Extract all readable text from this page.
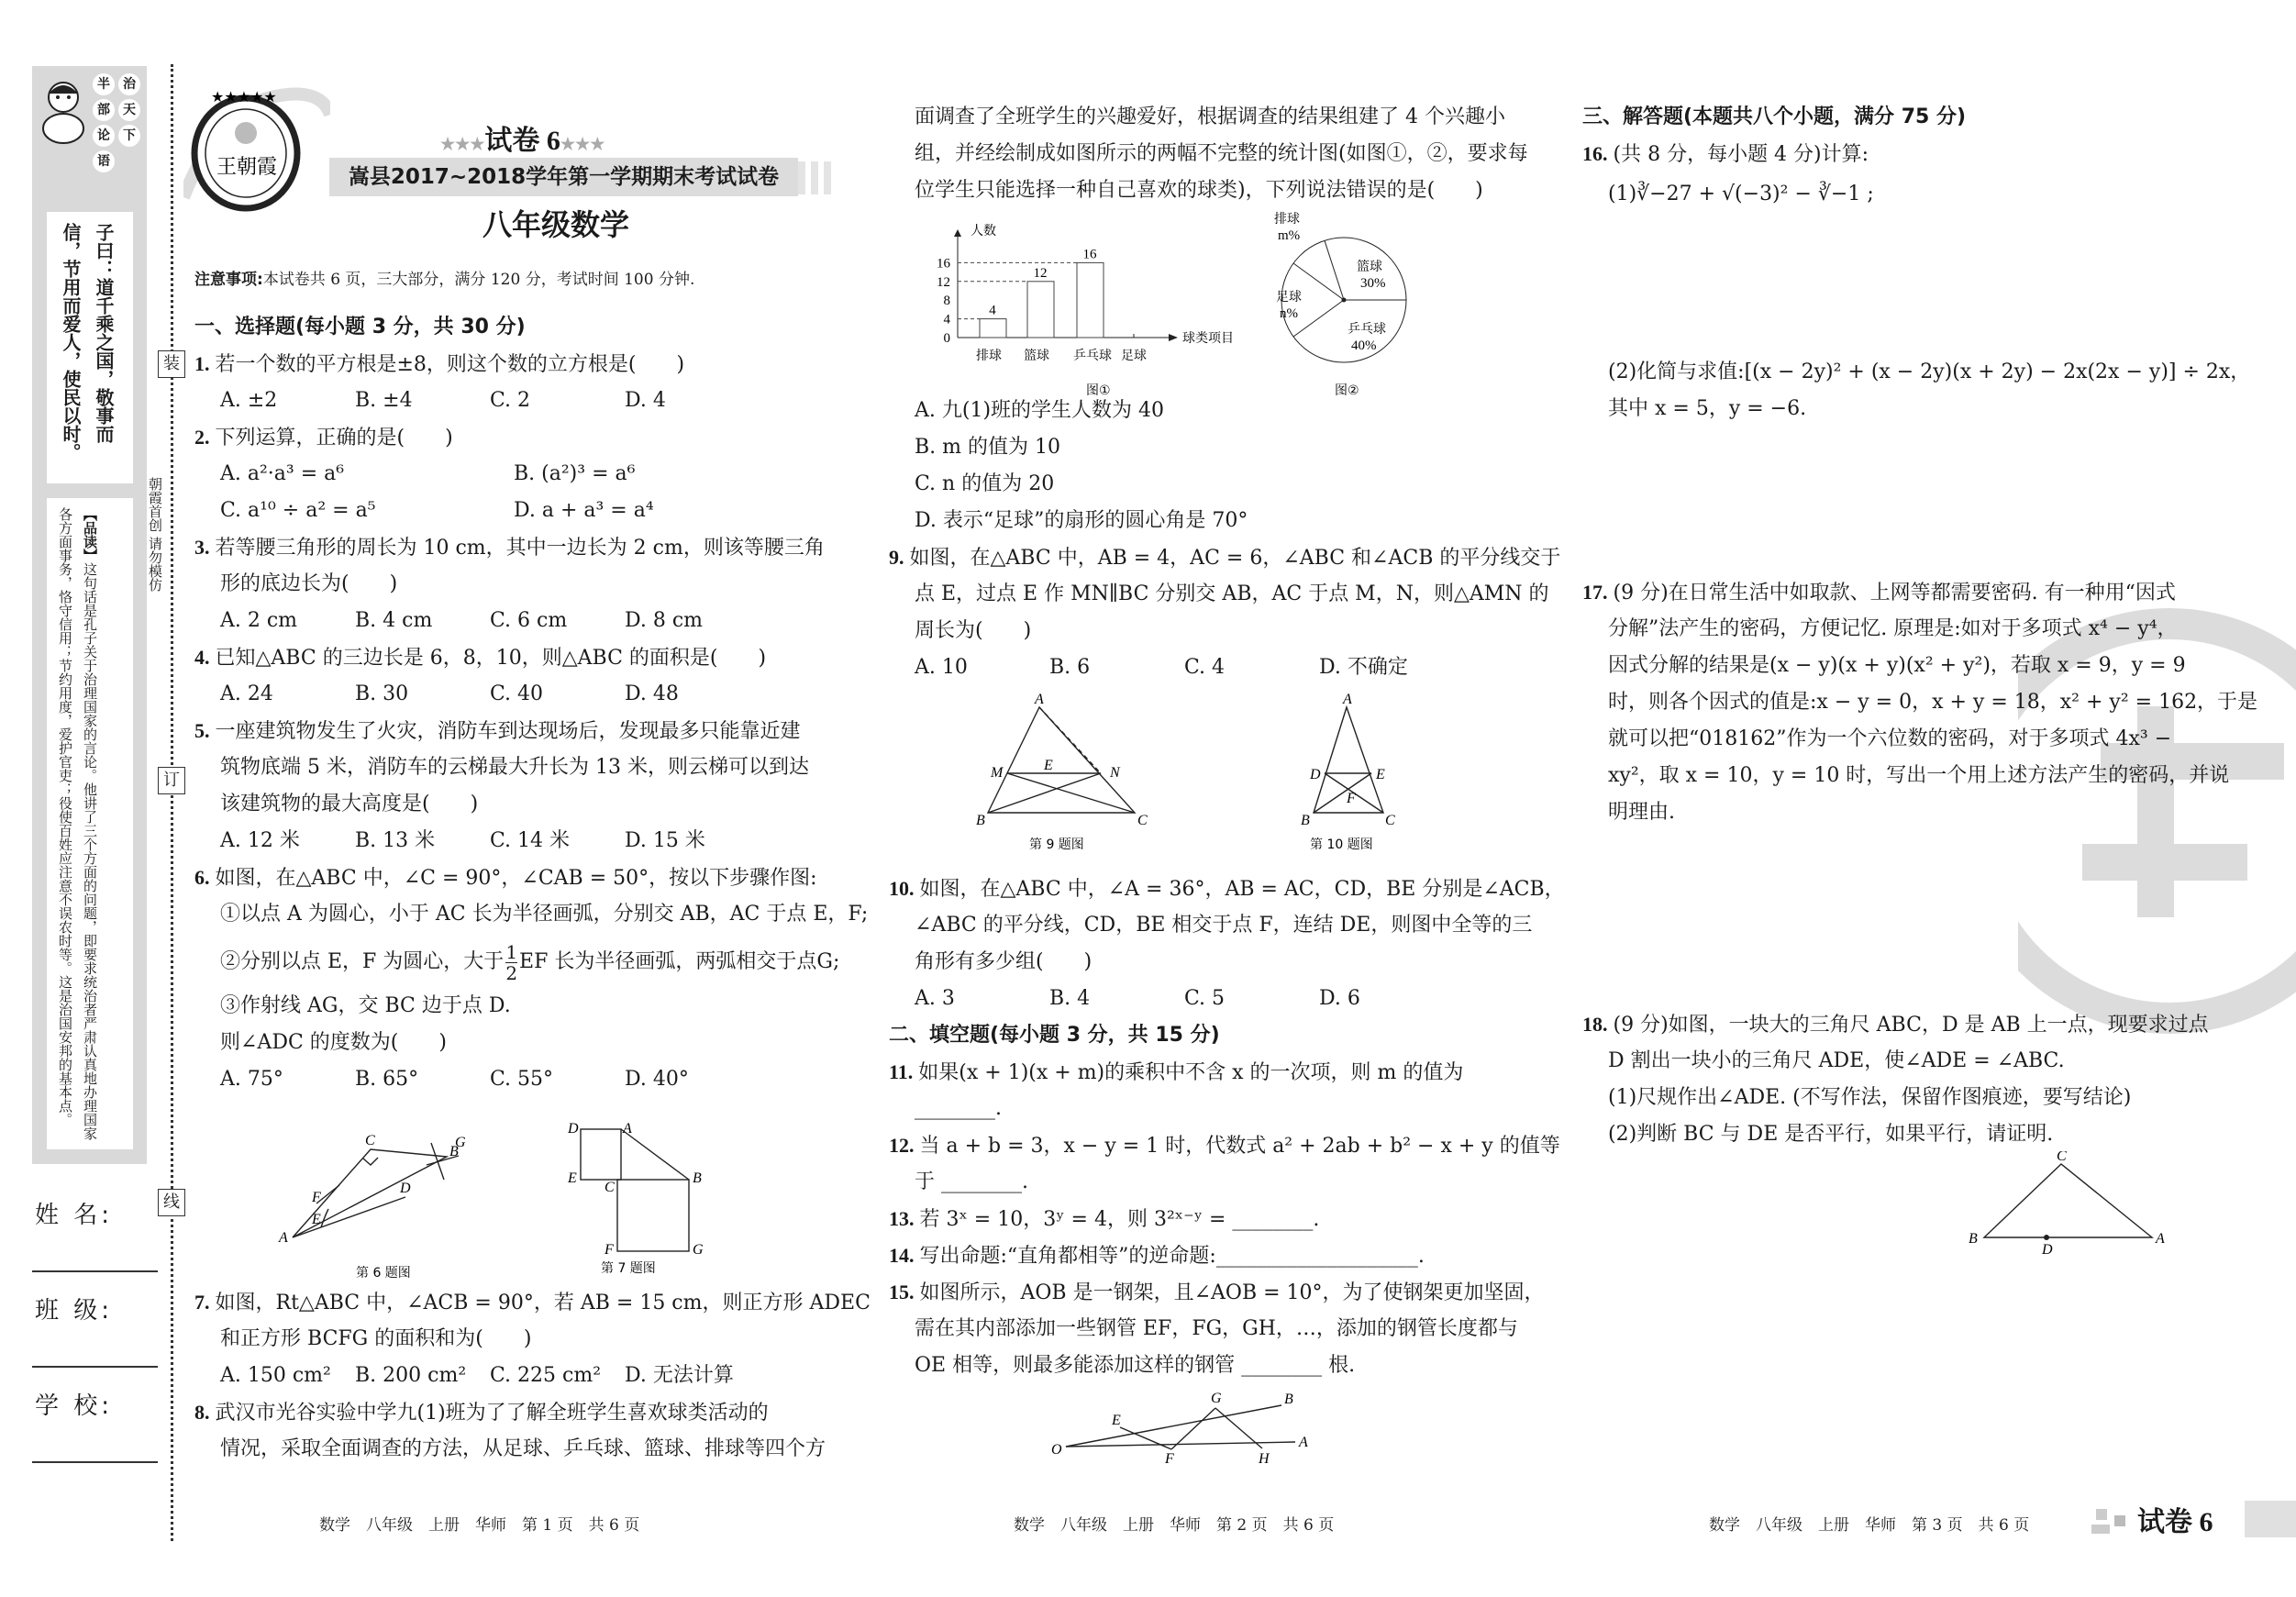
半	治
部	天
论	下
语
子曰：道千乘之国，敬事而信，节用而爱人，使民以时。
【品读】这句话是孔子关于治理国家的言论。他讲了三个方面的问题，即要求统治者严肃认真地办理国家各方面事务，恪守信用；节约用度，爱护官吏；役使百姓应注意不误农时等。这是治国安邦的基本点。
姓 名:
班 级:
学 校:
装
订
线
朝霞首创 请勿模仿
王朝霞
★★★★★
★★★试卷 6★★★
嵩县2017~2018学年第一学期期末考试试卷
八年级数学
注意事项:本试卷共 6 页，三大部分，满分 120 分，考试时间 100 分钟.
一、选择题(每小题 3 分，共 30 分)
1. 若一个数的平方根是±8，则这个数的立方根是(　　)
A. ±2	B. ±4	C. 2	D. 4
2. 下列运算，正确的是(　　)
A. a²·a³ = a⁶	B. (a²)³ = a⁶
C. a¹⁰ ÷ a² = a⁵	D. a + a³ = a⁴
3. 若等腰三角形的周长为 10 cm，其中一边长为 2 cm，则该等腰三角
形的底边长为(　　)
A. 2 cm	B. 4 cm	C. 6 cm	D. 8 cm
4. 已知△ABC 的三边长是 6，8，10，则△ABC 的面积是(　　)
A. 24	B. 30	C. 40	D. 48
5. 一座建筑物发生了火灾，消防车到达现场后，发现最多只能靠近建
筑物底端 5 米，消防车的云梯最大升长为 13 米，则云梯可以到达
该建筑物的最大高度是(　　)
A. 12 米	B. 13 米	C. 14 米	D. 15 米
6. 如图，在△ABC 中，∠C = 90°，∠CAB = 50°，按以下步骤作图:
①以点 A 为圆心，小于 AC 长为半径画弧，分别交 AB，AC 于点 E，F;
②分别以点 E，F 为圆心，大于 $\frac{1}{2}$ EF 长为半径画弧，两弧相交于点G;
③作射线 AG，交 BC 边于点 D.
则∠ADC 的度数为(　　)
A. 75°	B. 65°	C. 55°	D. 40°
A
C
B
D
E
F
G
第 6 题图
D	A
E
C
B
F	G
第 7 题图
7. 如图，Rt△ABC 中，∠ACB = 90°，若 AB = 15 cm，则正方形 ADEC
和正方形 BCFG 的面积和为(　　)
A. 150 cm²	B. 200 cm²	C. 225 cm²	D. 无法计算
8. 武汉市光谷实验中学九(1)班为了了解全班学生喜欢球类活动的
情况，采取全面调查的方法，从足球、乒乓球、篮球、排球等四个方
面调查了全班学生的兴趣爱好，根据调查的结果组建了 4 个兴趣小
组，并经绘制成如图所示的两幅不完整的统计图(如图①，②，要求每
位学生只能选择一种自己喜欢的球类)，下列说法错误的是(　　)
0
4
8
12
16
人数
球类项目
排球
4
篮球
12
乒乓球
16
足球
图①
篮球
30%
排球
m%
足球
n%
乒乓球
40%
图②
A. 九(1)班的学生人数为 40
B. m 的值为 10
C. n 的值为 20
D. 表示“足球”的扇形的圆心角是 70°
9. 如图，在△ABC 中，AB = 4，AC = 6，∠ABC 和∠ACB 的平分线交于
点 E，过点 E 作 MN∥BC 分别交 AB，AC 于点 M，N，则△AMN 的
周长为(　　)
A. 10	B. 6	C. 4	D. 不确定
A
M	E	N
B	C
第 9 题图
A
D	E
F
B	C
第 10 题图
10. 如图，在△ABC 中，∠A = 36°，AB = AC，CD，BE 分别是∠ACB，
∠ABC 的平分线，CD，BE 相交于点 F，连结 DE，则图中全等的三
角形有多少组(　　)
A. 3	B. 4	C. 5	D. 6
二、填空题(每小题 3 分，共 15 分)
11. 如果(x + 1)(x + m)的乘积中不含 x 的一次项，则 m 的值为
________.
12. 当 a + b = 3，x − y = 1 时，代数式 a² + 2ab + b² − x + y 的值等
于 ________.
13. 若 3ˣ = 10，3ʸ = 4，则 3²ˣ⁻ʸ = ________.
14. 写出命题:“直角都相等”的逆命题:____________________.
15. 如图所示，AOB 是一钢架，且∠AOB = 10°，为了使钢架更加坚固，
需在其内部添加一些钢管 EF，FG，GH，…，添加的钢管长度都与
OE 相等，则最多能添加这样的钢管 ________ 根.
O
E
F
G
H
B
A
三、解答题(本题共八个小题，满分 75 分)
16. (共 8 分，每小题 4 分)计算:
(1)∛−27 + √(−3)² − ∛−1 ;
(2)化简与求值:[(x − 2y)² + (x − 2y)(x + 2y) − 2x(2x − y)] ÷ 2x，
其中 x = 5，y = −6.
17. (9 分)在日常生活中如取款、上网等都需要密码. 有一种用“因式
分解”法产生的密码，方便记忆. 原理是:如对于多项式 x⁴ − y⁴，
因式分解的结果是(x − y)(x + y)(x² + y²)，若取 x = 9，y = 9
时，则各个因式的值是:x − y = 0，x + y = 18，x² + y² = 162，于是
就可以把“018162”作为一个六位数的密码，对于多项式 4x³ −
xy²，取 x = 10，y = 10 时，写出一个用上述方法产生的密码，并说
明理由.
18. (9 分)如图，一块大的三角尺 ABC，D 是 AB 上一点，现要求过点
D 割出一块小的三角尺 ADE，使∠ADE = ∠ABC.
(1)尺规作出∠ADE. (不写作法，保留作图痕迹，要写结论)
(2)判断 BC 与 DE 是否平行，如果平行，请证明.
C
B
D
A
数学　八年级　上册　华师　第 1 页　共 6 页	数学　八年级　上册　华师　第 2 页　共 6 页	数学　八年级　上册　华师　第 3 页　共 6 页	试卷 6
